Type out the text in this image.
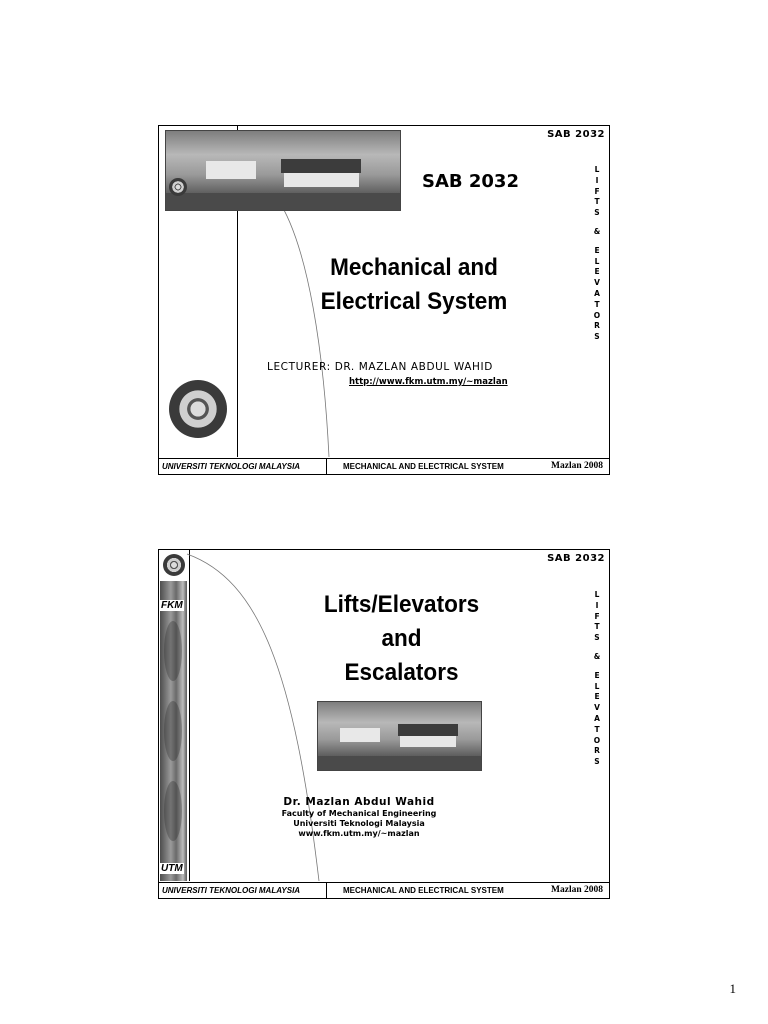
SAB 2032
SAB 2032
L
I
F
T
S
&
E
L
E
V
A
T
O
R
S
Mechanical and
Electrical System
LECTURER: DR. MAZLAN ABDUL WAHID
http://www.fkm.utm.my/~mazlan
UNIVERSITI TEKNOLOGI MALAYSIA	MECHANICAL AND ELECTRICAL SYSTEM	Mazlan 2008
FKM
UTM
SAB 2032
L
I
F
T
S
&
E
L
E
V
A
T
O
R
S
Lifts/Elevators
and
Escalators
Dr. Mazlan Abdul Wahid
Faculty of Mechanical Engineering
Universiti Teknologi Malaysia
www.fkm.utm.my/~mazlan
UNIVERSITI TEKNOLOGI MALAYSIA	MECHANICAL AND ELECTRICAL SYSTEM	Mazlan 2008
1
